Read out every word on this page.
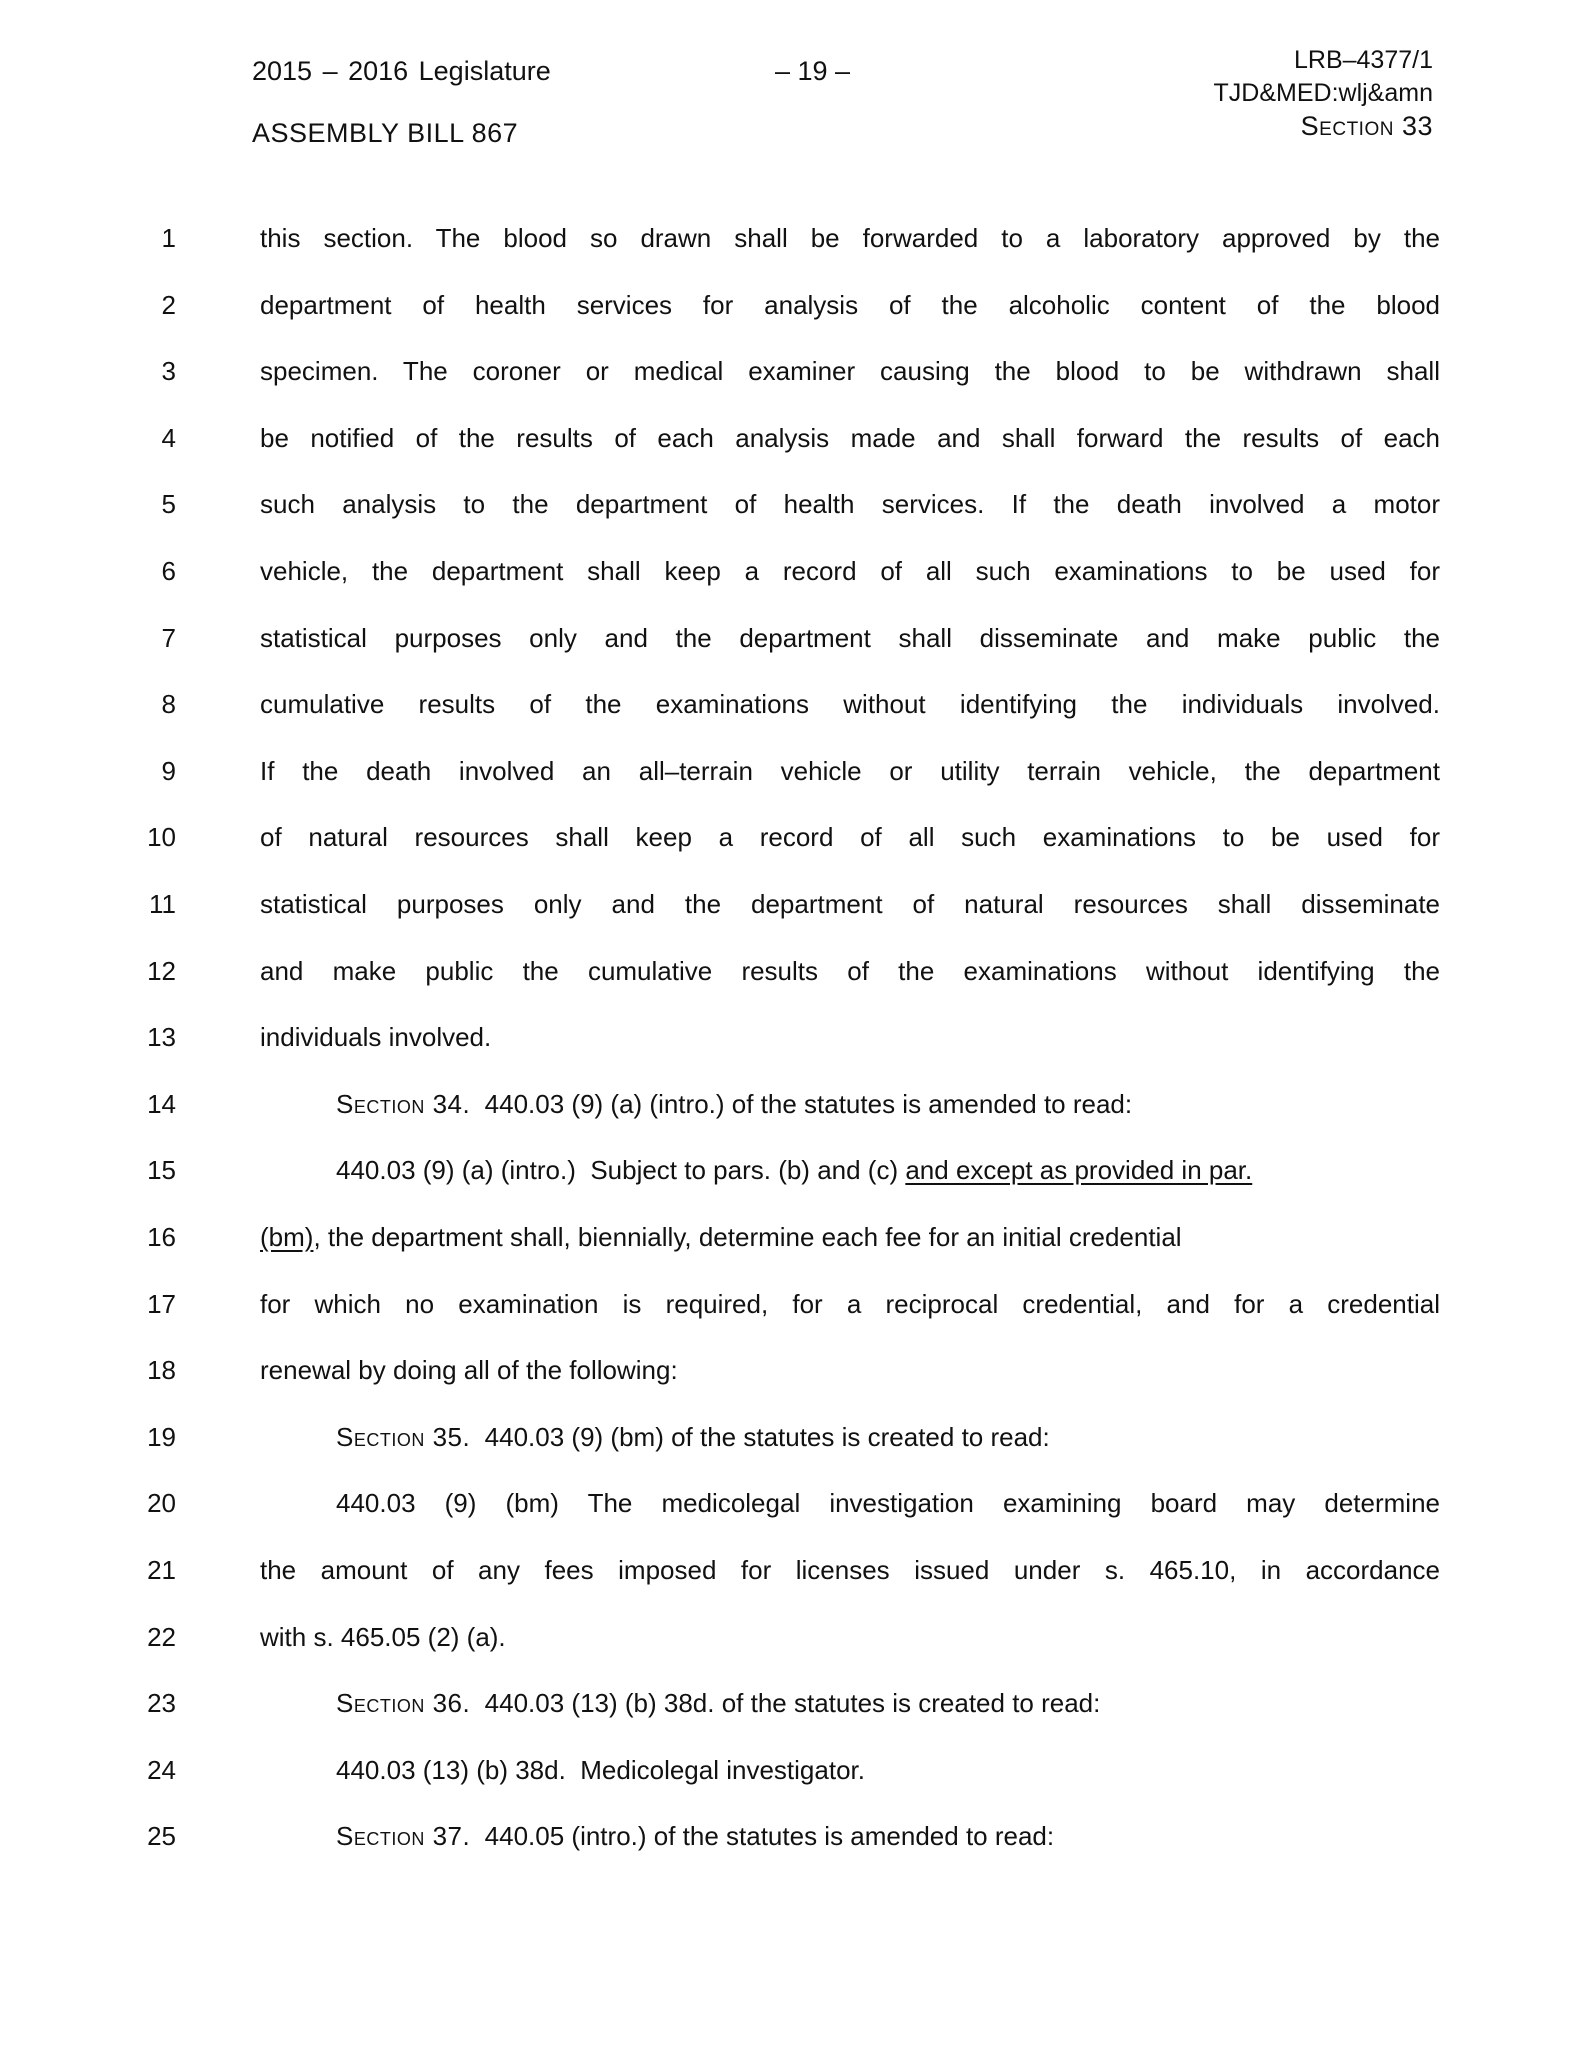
2015 – 2016 Legislature	– 19 –
ASSEMBLY BILL 867
LRB–4377/1
TJD&MED:wlj&amn
Section 33
1	this section. The blood so drawn shall be forwarded to a laboratory approved by the
2	department of health services for analysis of the alcoholic content of the blood
3	specimen. The coroner or medical examiner causing the blood to be withdrawn shall
4	be notified of the results of each analysis made and shall forward the results of each
5	such analysis to the department of health services. If the death involved a motor
6	vehicle, the department shall keep a record of all such examinations to be used for
7	statistical purposes only and the department shall disseminate and make public the
8	cumulative results of the examinations without identifying the individuals involved.
9	If the death involved an all–terrain vehicle or utility terrain vehicle, the department
10	of natural resources shall keep a record of all such examinations to be used for
11	statistical purposes only and the department of natural resources shall disseminate
12	and make public the cumulative results of the examinations without identifying the
13	individuals involved.
14	Section 34.  440.03 (9) (a) (intro.) of the statutes is amended to read:
15	440.03 (9) (a) (intro.)  Subject to pars. (b) and (c) and except as provided in par.
16	(bm), the department shall, biennially, determine each fee for an initial credential
17	for which no examination is required, for a reciprocal credential, and for a credential
18	renewal by doing all of the following:
19	Section 35.  440.03 (9) (bm) of the statutes is created to read:
20	440.03 (9) (bm) The medicolegal investigation examining board may determine
21	the amount of any fees imposed for licenses issued under s. 465.10, in accordance
22	with s. 465.05 (2) (a).
23	Section 36.  440.03 (13) (b) 38d. of the statutes is created to read:
24	440.03 (13) (b) 38d.  Medicolegal investigator.
25	Section 37.  440.05 (intro.) of the statutes is amended to read:
